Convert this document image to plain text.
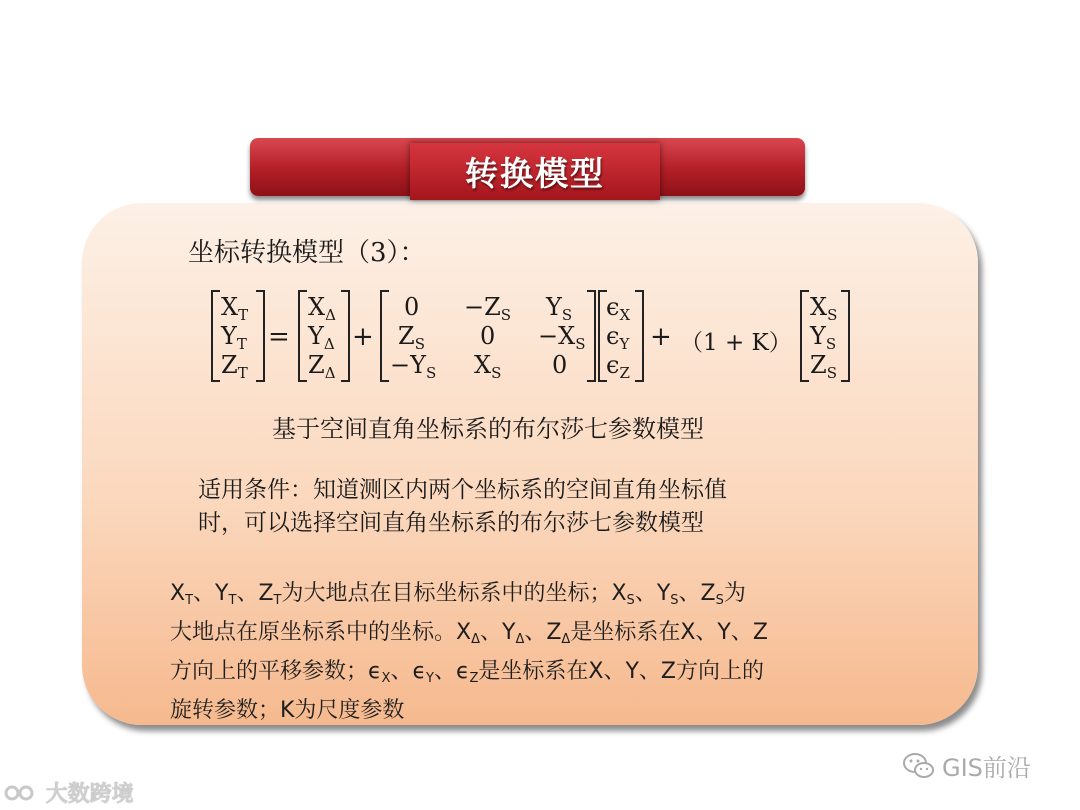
转换模型
坐标转换模型（3）：
$X_T$
$Y_T$
$Z_T$
=
$X_\Delta$
$Y_\Delta$
$Z_\Delta$
+
$0 -Z_S$ $Y_S$
$Z_S$ $0 -X_S$
$-Y_S$ $X_S$ 0
$\epsilon_X$
$\epsilon_Y$
$\epsilon_Z$
+ （1 + K）
$X_S$
$Y_S$
$Z_S$
基于空间直角坐标系的布尔莎七参数模型
适用条件：知道测区内两个坐标系的空间直角坐标值
时，可以选择空间直角坐标系的布尔莎七参数模型
$X_T$、$Y_T$、$Z_T$为大地点在目标坐标系中的坐标；$X_S$、$Y_S$、$Z_S$为
大地点在原坐标系中的坐标。$X_\Delta$、$Y_\Delta$、$Z_\Delta$是坐标系在X、Y、Z
方向上的平移参数；$\epsilon_X$、$\epsilon_Y$、$\epsilon_Z$是坐标系在X、Y、Z方向上的
旋转参数；K为尺度参数
大数跨境
GIS前沿
